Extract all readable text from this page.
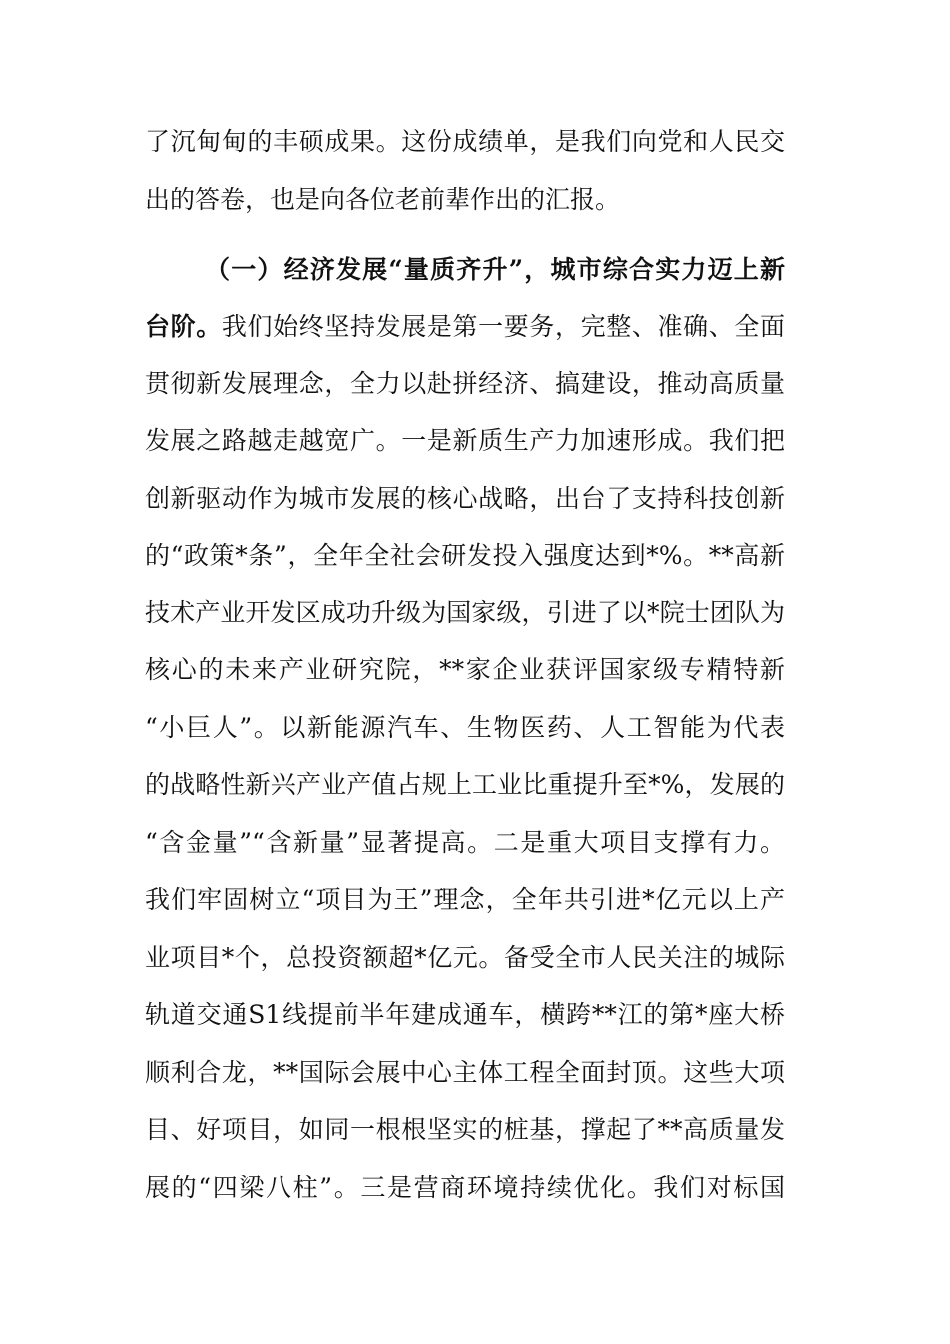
了沉甸甸的丰硕成果。这份成绩单，是我们向党和人民交
出的答卷，也是向各位老前辈作出的汇报。
（一）经济发展“量质齐升”，城市综合实力迈上新
台阶。我们始终坚持发展是第一要务，完整、准确、全面
贯彻新发展理念，全力以赴拼经济、搞建设，推动高质量
发展之路越走越宽广。一是新质生产力加速形成。我们把
创新驱动作为城市发展的核心战略，出台了支持科技创新
的“政策*条”，全年全社会研发投入强度达到*%。**高新
技术产业开发区成功升级为国家级，引进了以*院士团队为
核心的未来产业研究院，**家企业获评国家级专精特新
“小巨人”。以新能源汽车、生物医药、人工智能为代表
的战略性新兴产业产值占规上工业比重提升至*%，发展的
“含金量”“含新量”显著提高。二是重大项目支撑有力。
我们牢固树立“项目为王”理念，全年共引进*亿元以上产
业项目*个，总投资额超*亿元。备受全市人民关注的城际
轨道交通S1线提前半年建成通车，横跨**江的第*座大桥
顺利合龙，**国际会展中心主体工程全面封顶。这些大项
目、好项目，如同一根根坚实的桩基，撑起了**高质量发
展的“四梁八柱”。三是营商环境持续优化。我们对标国
